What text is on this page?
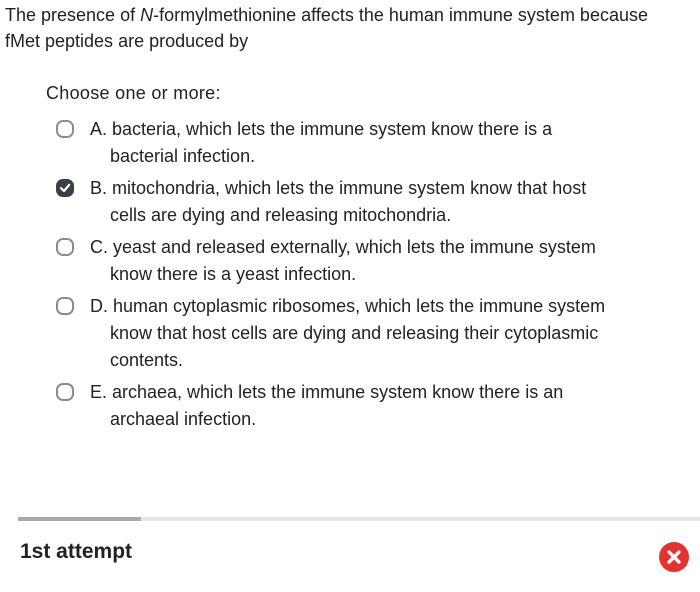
The presence of N-formylmethionine affects the human immune system because fMet peptides are produced by
Choose one or more:
A. bacteria, which lets the immune system know there is a bacterial infection.
B. mitochondria, which lets the immune system know that host cells are dying and releasing mitochondria.
C. yeast and released externally, which lets the immune system know there is a yeast infection.
D. human cytoplasmic ribosomes, which lets the immune system know that host cells are dying and releasing their cytoplasmic contents.
E. archaea, which lets the immune system know there is an archaeal infection.
1st attempt
